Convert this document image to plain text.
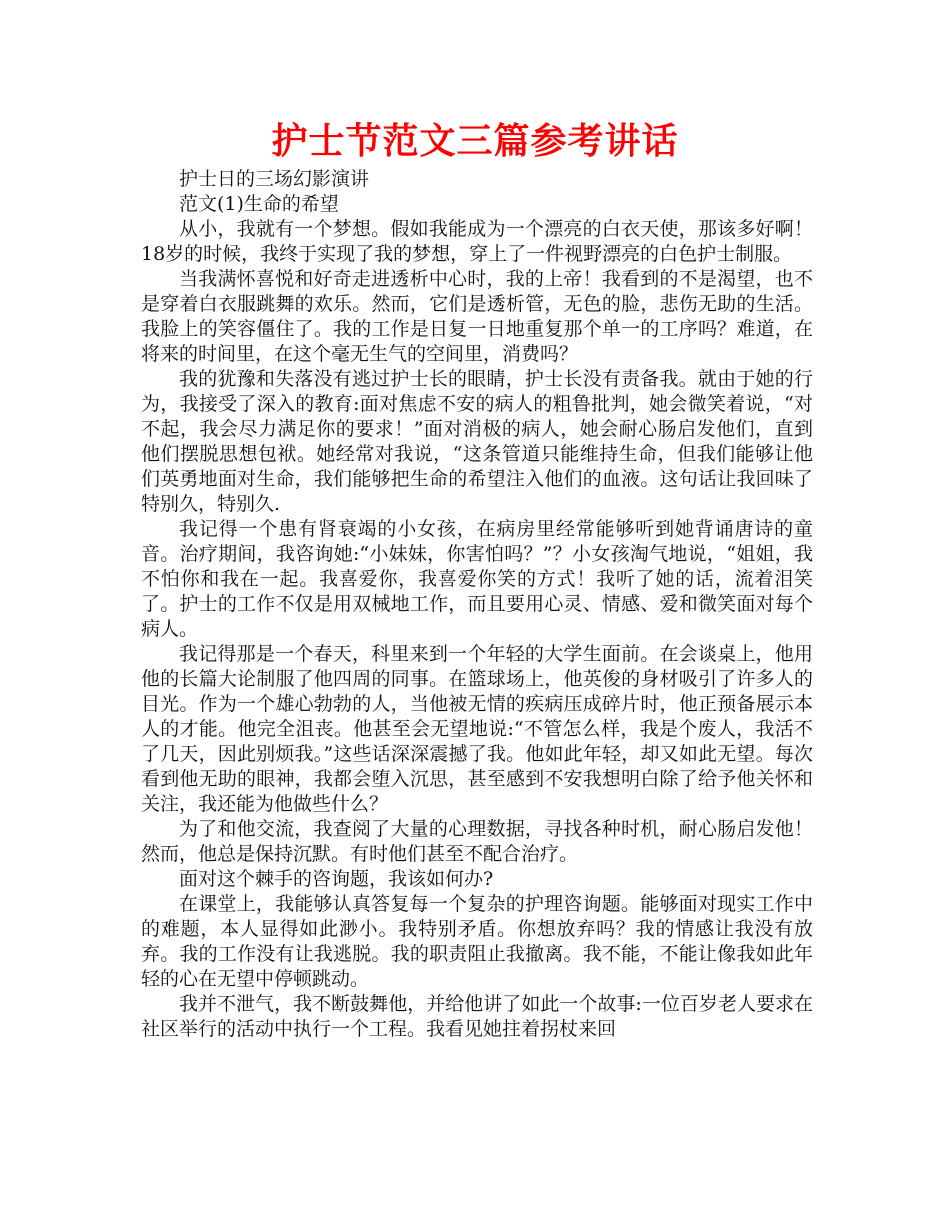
护士节范文三篇参考讲话

护士日的三场幻影演讲

范文(1)生命的希望

从小，我就有一个梦想。假如我能成为一个漂亮的白衣天使，那该多好啊！18岁的时候，我终于实现了我的梦想，穿上了一件视野漂亮的白色护士制服。

当我满怀喜悦和好奇走进透析中心时，我的上帝！我看到的不是渴望，也不是穿着白衣服跳舞的欢乐。然而，它们是透析管，无色的脸，悲伤无助的生活。我脸上的笑容僵住了。我的工作是日复一日地重复那个单一的工序吗？难道，在将来的时间里，在这个毫无生气的空间里，消费吗？

我的犹豫和失落没有逃过护士长的眼睛，护士长没有责备我。就由于她的行为，我接受了深入的教育:面对焦虑不安的病人的粗鲁批判，她会微笑着说，“对不起，我会尽力满足你的要求！”面对消极的病人，她会耐心肠启发他们，直到他们摆脱思想包袱。她经常对我说，“这条管道只能维持生命，但我们能够让他们英勇地面对生命，我们能够把生命的希望注入他们的血液。这句话让我回味了特别久，特别久.

我记得一个患有肾衰竭的小女孩，在病房里经常能够听到她背诵唐诗的童音。治疗期间，我咨询她:“小妹妹，你害怕吗？”？小女孩淘气地说，“姐姐，我不怕你和我在一起。我喜爱你，我喜爱你笑的方式！我听了她的话，流着泪笑了。护士的工作不仅是用双械地工作，而且要用心灵、情感、爱和微笑面对每个病人。

我记得那是一个春天，科里来到一个年轻的大学生面前。在会谈桌上，他用他的长篇大论制服了他四周的同事。在篮球场上，他英俊的身材吸引了许多人的目光。作为一个雄心勃勃的人，当他被无情的疾病压成碎片时，他正预备展示本人的才能。他完全沮丧。他甚至会无望地说:“不管怎么样，我是个废人，我活不了几天，因此别烦我。”这些话深深震撼了我。他如此年轻，却又如此无望。每次看到他无助的眼神，我都会堕入沉思，甚至感到不安我想明白除了给予他关怀和关注，我还能为他做些什么？

为了和他交流，我查阅了大量的心理数据，寻找各种时机，耐心肠启发他！然而，他总是保持沉默。有时他们甚至不配合治疗。

面对这个棘手的咨询题，我该如何办?

在课堂上，我能够认真答复每一个复杂的护理咨询题。能够面对现实工作中的难题，本人显得如此渺小。我特别矛盾。你想放弃吗？我的情感让我没有放弃。我的工作没有让我逃脱。我的职责阻止我撤离。我不能，不能让像我如此年轻的心在无望中停顿跳动。

我并不泄气，我不断鼓舞他，并给他讲了如此一个故事:一位百岁老人要求在社区举行的活动中执行一个工程。我看见她拄着拐杖来回
